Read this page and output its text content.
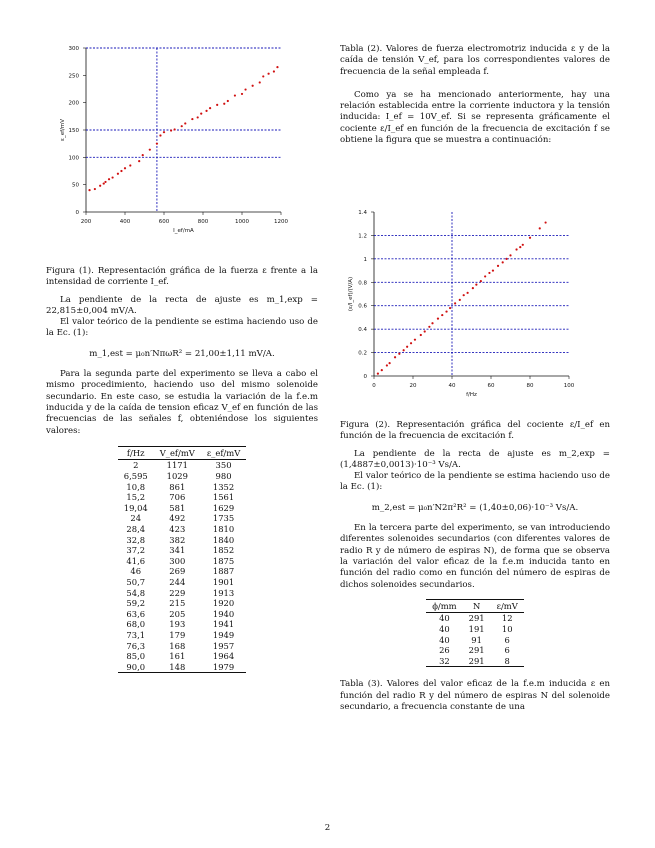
200	400	600	800	1000	1200
0
50
100
150
200
250
300
I_ef/mA
ε_ef/mV

Figura (1). Representación gráfica de la fuerza ε frente a la intensidad de corriente I_ef.

La pendiente de la recta de ajuste es m_1,exp = 22,815±0,004 mV/A.

El valor teórico de la pendiente se estima haciendo uso de la Ec. (1):

m_1,est = μ₀n′NπωR² = 21,00±1,11 mV/A.

Para la segunda parte del experimento se lleva a cabo el mismo procedimiento, haciendo uso del mismo solenoide secundario. En este caso, se estudia la variación de la f.e.m inducida y de la caída de tension eficaz V_ef en función de las frecuencias de las señales f, obteniéndose los siguientes valores:

f/Hz	V_ef/mV	ε_ef/mV
2	1171	350
6,595	1029	980
10,8	861	1352
15,2	706	1561
19,04	581	1629
24	492	1735
28,4	423	1810
32,8	382	1840
37,2	341	1852
41,6	300	1875
46	269	1887
50,7	244	1901
54,8	229	1913
59,2	215	1920
63,6	205	1940
68,0	193	1941
73,1	179	1949
76,3	168	1957
85,0	161	1964
90,0	148	1979

Tabla (2). Valores de fuerza electromotriz inducida ε y de la caída de tensión V_ef, para los correspondientes valores de frecuencia de la señal empleada f.

Como ya se ha mencionado anteriormente, hay una relación establecida entre la corriente inductora y la tensión inducida: I_ef = 10V_ef. Si se representa gráficamente el cociente ε/I_ef en función de la frecuencia de excitación f se obtiene la figura que se muestra a continuación:

0	20	40	60	80	100
0
0.2
0.4
0.6
0.8
1
1.2
1.4
f/Hz
(ε/I_ef)/(V/A)

Figura (2). Representación gráfica del cociente ε/I_ef en función de la frecuencia de excitación f.

La pendiente de la recta de ajuste es m_2,exp = (1,4887±0,0013)·10⁻³ Vs/A.

El valor teórico de la pendiente se estima haciendo uso de la Ec. (1):

m_2,est = μ₀n′N2π²R² = (1,40±0,06)·10⁻³ Vs/A.

En la tercera parte del experimento, se van introduciendo diferentes solenoides secundarios (con diferentes valores de radio R y de número de espiras N), de forma que se observa la variación del valor eficaz de la f.e.m inducida tanto en función del radio como en función del número de espiras de dichos solenoides secundarios.

ϕ/mm	N	ε/mV
40	291	12
40	191	10
40	91	6
26	291	6
32	291	8

Tabla (3). Valores del valor eficaz de la f.e.m inducida ε en función del radio R y del número de espiras N del solenoide secundario, a frecuencia constante de una

2
